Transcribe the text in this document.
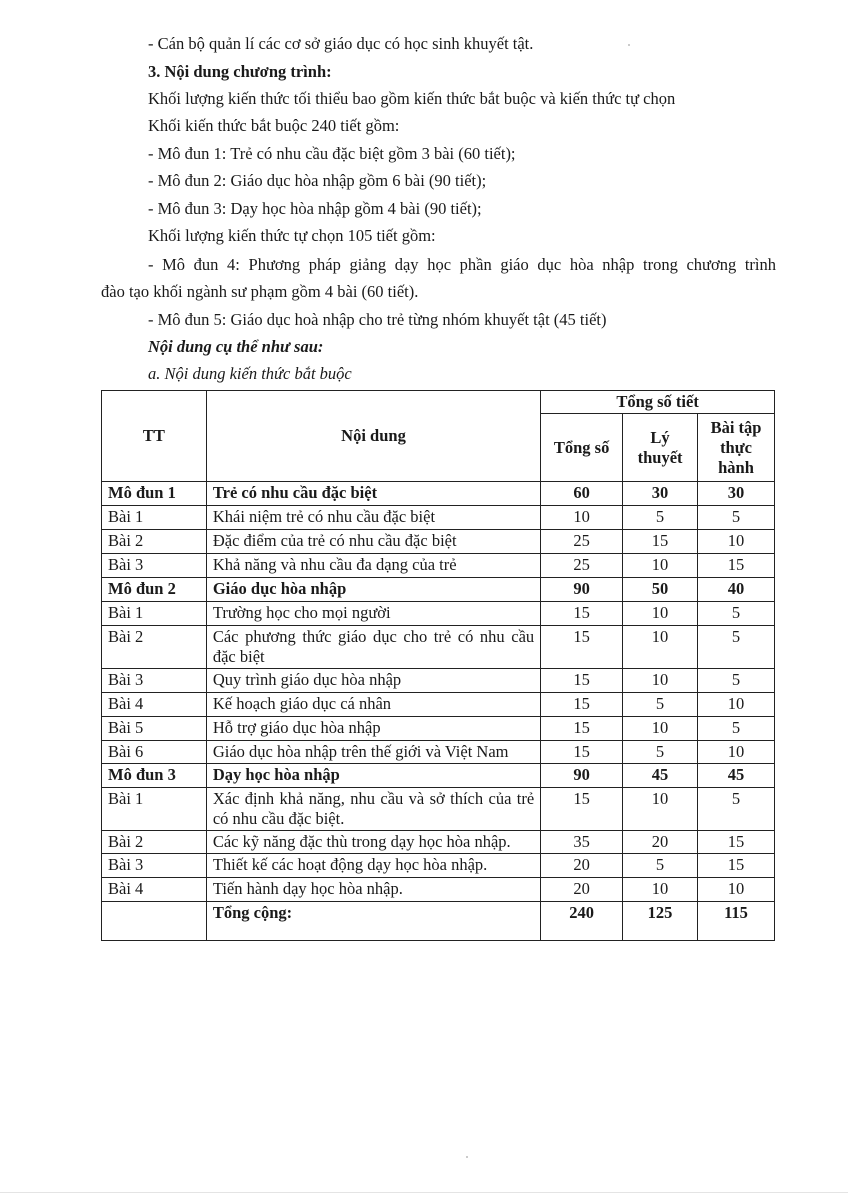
- Cán bộ quản lí các cơ sở giáo dục có học sinh khuyết tật.
3. Nội dung chương trình:
Khối lượng kiến thức tối thiểu bao gồm kiến thức bắt buộc và kiến thức tự chọn
Khối kiến thức bắt buộc 240 tiết gồm:
- Mô đun 1: Trẻ có nhu cầu đặc biệt gồm 3 bài (60 tiết);
- Mô đun 2: Giáo dục hòa nhập gồm 6 bài (90 tiết);
- Mô đun 3: Dạy học hòa nhập gồm 4 bài (90 tiết);
Khối lượng kiến thức tự chọn 105 tiết gồm:
- Mô đun 4: Phương pháp giảng dạy học phần giáo dục hòa nhập trong chương trình
đào tạo khối ngành sư phạm gồm 4 bài (60 tiết).
- Mô đun 5: Giáo dục hoà nhập cho trẻ từng nhóm khuyết tật (45 tiết)
Nội dung cụ thể như sau:
a. Nội dung kiến thức bắt buộc
TT	Nội dung	Tổng số tiết		
		Tổng số	Lý thuyết	Bài tập thực hành
Mô đun 1	Trẻ có nhu cầu đặc biệt	60	30	30
Bài 1	Khái niệm trẻ có nhu cầu đặc biệt	10	5	5
Bài 2	Đặc điểm của trẻ có nhu cầu đặc biệt	25	15	10
Bài 3	Khả năng và nhu cầu đa dạng của trẻ	25	10	15
Mô đun 2	Giáo dục hòa nhập	90	50	40
Bài 1	Trường học cho mọi người	15	10	5
Bài 2	Các phương thức giáo dục cho trẻ có nhu cầu đặc biệt	15	10	5
Bài 3	Quy trình giáo dục hòa nhập	15	10	5
Bài 4	Kế hoạch giáo dục cá nhân	15	5	10
Bài 5	Hỗ trợ giáo dục hòa nhập	15	10	5
Bài 6	Giáo dục hòa nhập trên thế giới và Việt Nam	15	5	10
Mô đun 3	Dạy học hòa nhập	90	45	45
Bài 1	Xác định khả năng, nhu cầu và sở thích của trẻ có nhu cầu đặc biệt.	15	10	5
Bài 2	Các kỹ năng đặc thù trong dạy học hòa nhập.	35	20	15
Bài 3	Thiết kế các hoạt động dạy học hòa nhập.	20	5	15
Bài 4	Tiến hành dạy học hòa nhập.	20	10	10
	Tổng cộng:	240	125	115
